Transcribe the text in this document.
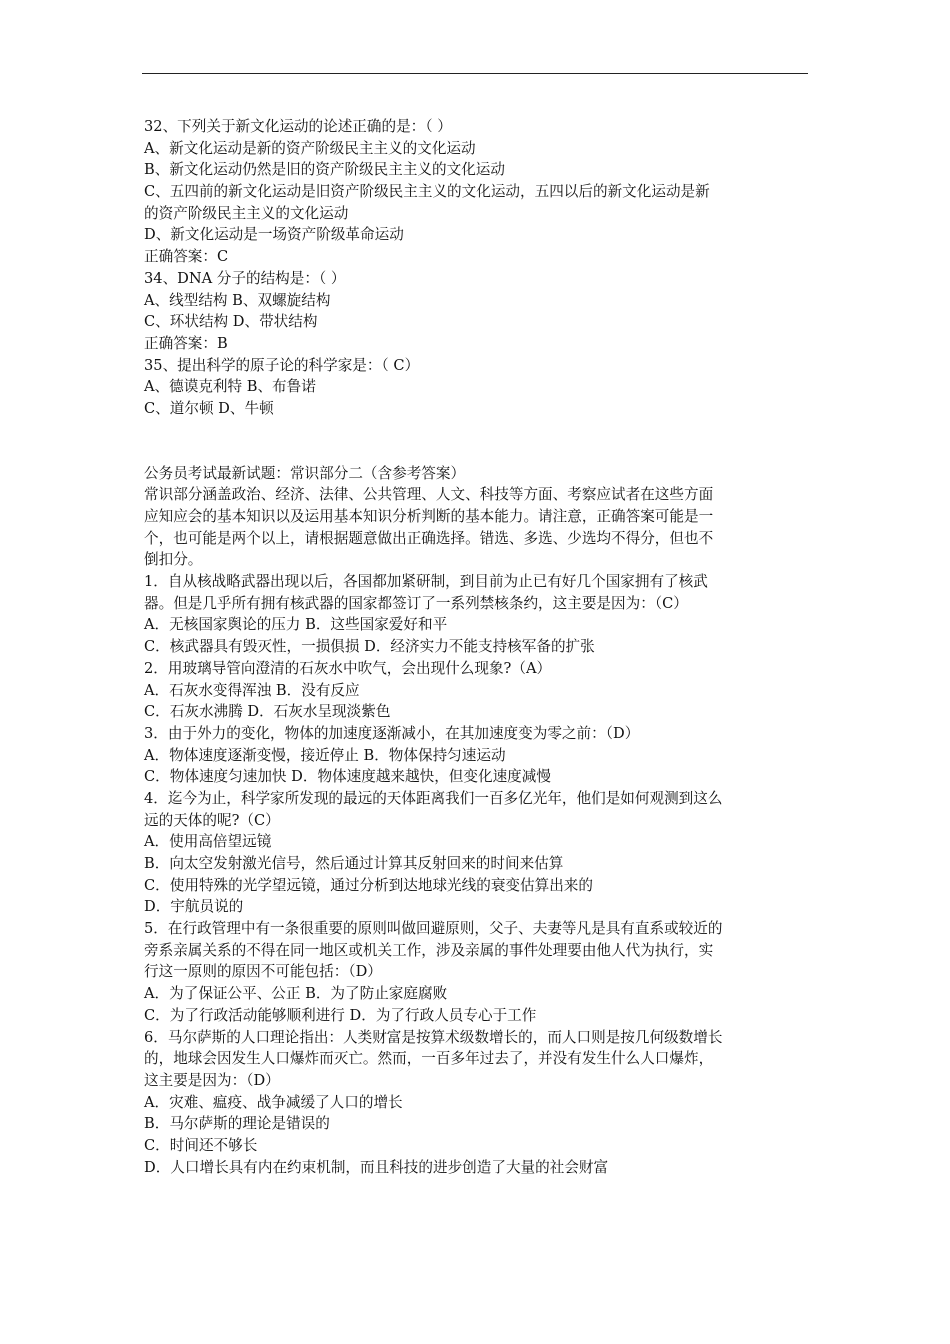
32、下列关于新文化运动的论述正确的是：（ ）
A、新文化运动是新的资产阶级民主主义的文化运动
B、新文化运动仍然是旧的资产阶级民主主义的文化运动
C、五四前的新文化运动是旧资产阶级民主主义的文化运动，五四以后的新文化运动是新
的资产阶级民主主义的文化运动
D、新文化运动是一场资产阶级革命运动
正确答案：C
34、DNA 分子的结构是：（ ）
A、线型结构 B、双螺旋结构
C、环状结构 D、带状结构
正确答案：B
35、提出科学的原子论的科学家是：（ C）
A、德谟克利特 B、布鲁诺
C、道尔顿 D、牛顿
公务员考试最新试题：常识部分二（含参考答案）
常识部分涵盖政治、经济、法律、公共管理、人文、科技等方面、考察应试者在这些方面
应知应会的基本知识以及运用基本知识分析判断的基本能力。请注意，正确答案可能是一
个，也可能是两个以上，请根据题意做出正确选择。错选、多选、少选均不得分，但也不
倒扣分。
1．自从核战略武器出现以后，各国都加紧研制，到目前为止已有好几个国家拥有了核武
器。但是几乎所有拥有核武器的国家都签订了一系列禁核条约，这主要是因为：（C）
A．无核国家舆论的压力 B．这些国家爱好和平
C．核武器具有毁灭性，一损俱损 D．经济实力不能支持核军备的扩张
2．用玻璃导管向澄清的石灰水中吹气，会出现什么现象?（A）
A．石灰水变得浑浊 B．没有反应
C．石灰水沸腾 D．石灰水呈现淡紫色
3．由于外力的变化，物体的加速度逐渐减小，在其加速度变为零之前：（D）
A．物体速度逐渐变慢，接近停止 B．物体保持匀速运动
C．物体速度匀速加快 D．物体速度越来越快，但变化速度减慢
4．迄今为止，科学家所发现的最远的天体距离我们一百多亿光年，他们是如何观测到这么
远的天体的呢?（C）
A．使用高倍望远镜
B．向太空发射激光信号，然后通过计算其反射回来的时间来估算
C．使用特殊的光学望远镜，通过分析到达地球光线的衰变估算出来的
D．宇航员说的
5．在行政管理中有一条很重要的原则叫做回避原则，父子、夫妻等凡是具有直系或较近的
旁系亲属关系的不得在同一地区或机关工作，涉及亲属的事件处理要由他人代为执行，实
行这一原则的原因不可能包括：（D）
A．为了保证公平、公正 B．为了防止家庭腐败
C．为了行政活动能够顺利进行 D．为了行政人员专心于工作
6．马尔萨斯的人口理论指出：人类财富是按算术级数增长的，而人口则是按几何级数增长
的，地球会因发生人口爆炸而灭亡。然而，一百多年过去了，并没有发生什么人口爆炸，
这主要是因为：（D）
A．灾难、瘟疫、战争减缓了人口的增长
B．马尔萨斯的理论是错误的
C．时间还不够长
D．人口增长具有内在约束机制，而且科技的进步创造了大量的社会财富
